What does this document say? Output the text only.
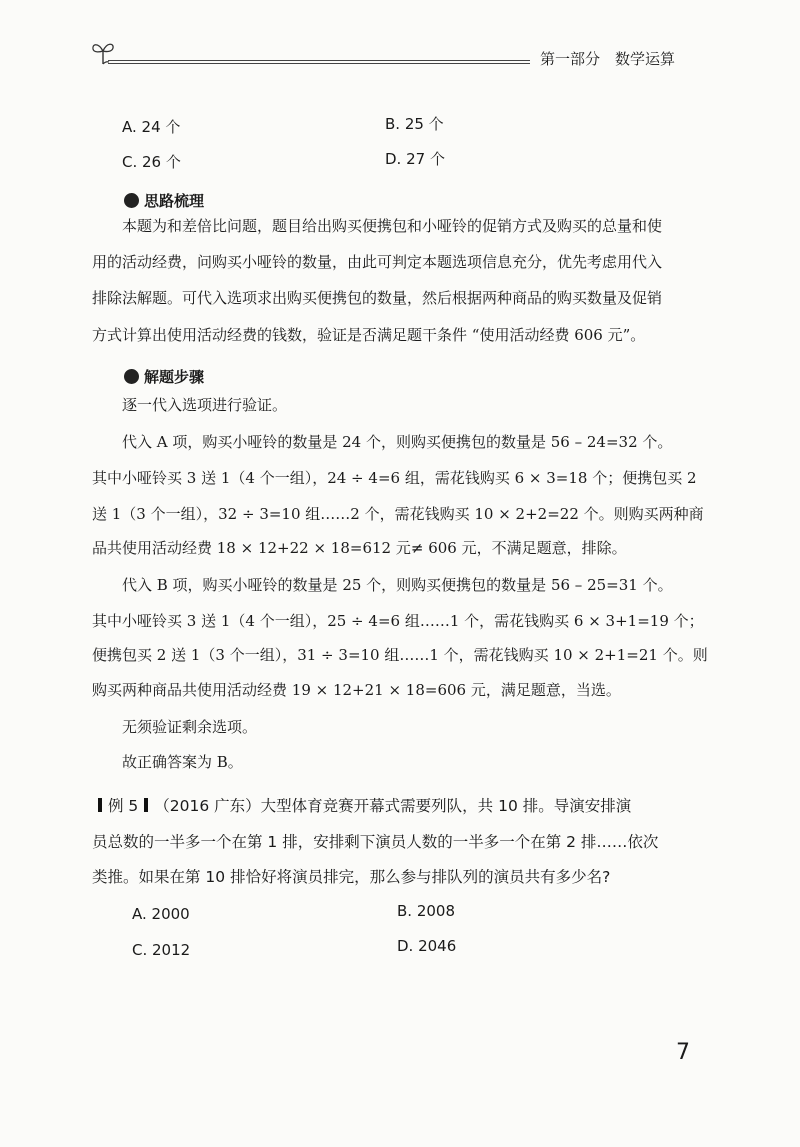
第一部分　数学运算
A. 24 个	B. 25 个
C. 26 个	D. 27 个
思路梳理
本题为和差倍比问题，题目给出购买便携包和小哑铃的促销方式及购买的总量和使
用的活动经费，问购买小哑铃的数量，由此可判定本题选项信息充分，优先考虑用代入
排除法解题。可代入选项求出购买便携包的数量，然后根据两种商品的购买数量及促销
方式计算出使用活动经费的钱数，验证是否满足题干条件 “使用活动经费 606 元”。
解题步骤
逐一代入选项进行验证。
代入 A 项，购买小哑铃的数量是 24 个，则购买便携包的数量是 56 – 24=32 个。
其中小哑铃买 3 送 1（4 个一组），24 ÷ 4=6 组，需花钱购买 6 × 3=18 个；便携包买 2
送 1（3 个一组），32 ÷ 3=10 组……2 个，需花钱购买 10 × 2+2=22 个。则购买两种商
品共使用活动经费 18 × 12+22 × 18=612 元≠ 606 元，不满足题意，排除。
代入 B 项，购买小哑铃的数量是 25 个，则购买便携包的数量是 56 – 25=31 个。
其中小哑铃买 3 送 1（4 个一组），25 ÷ 4=6 组……1 个，需花钱购买 6 × 3+1=19 个；
便携包买 2 送 1（3 个一组），31 ÷ 3=10 组……1 个，需花钱购买 10 × 2+1=21 个。则
购买两种商品共使用活动经费 19 × 12+21 × 18=606 元，满足题意，当选。
无须验证剩余选项。
故正确答案为 B。
例 5 （2016 广东）大型体育竞赛开幕式需要列队，共 10 排。导演安排演
员总数的一半多一个在第 1 排，安排剩下演员人数的一半多一个在第 2 排……依次
类推。如果在第 10 排恰好将演员排完，那么参与排队列的演员共有多少名?
A. 2000	B. 2008
C. 2012	D. 2046
7
